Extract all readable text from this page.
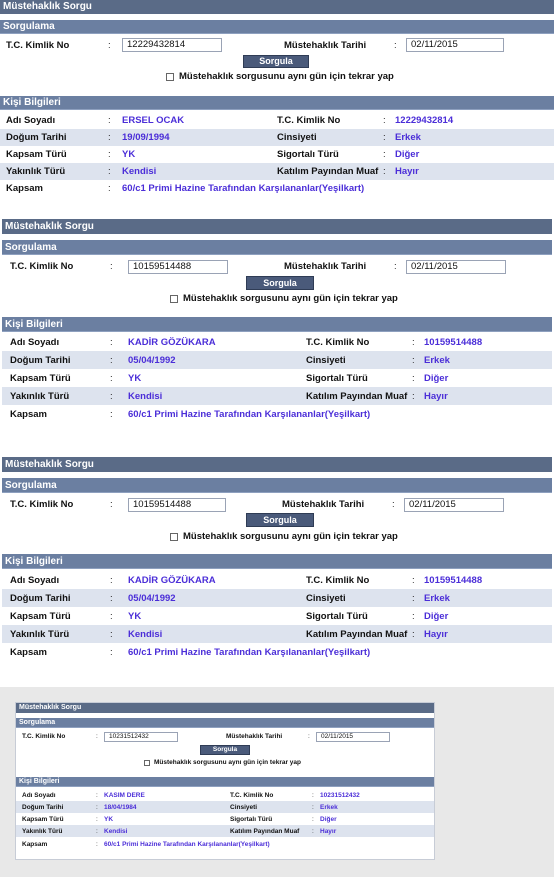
Müstehaklık Sorgu
Sorgulama
T.C. Kimlik No	:	12229432814	Müstehaklık Tarihi	:	02/11/2015
Sorgula
Müstehaklık sorgusunu aynı gün için tekrar yap
Kişi Bilgileri
Adı Soyadı	:	ERSEL OCAK	T.C. Kimlik No	: 12229432814
Doğum Tarihi	:	19/09/1994	Cinsiyeti	: Erkek
Kapsam Türü	:	YK	Sigortalı Türü	: Diğer
Yakınlık Türü	:	Kendisi	Katılım Payından Muaf : Hayır
Kapsam	:	60/c1 Primi Hazine Tarafından Karşılananlar(Yeşilkart)
Müstehaklık Sorgu
Sorgulama
T.C. Kimlik No	:	10159514488	Müstehaklık Tarihi	:	02/11/2015
Sorgula
Müstehaklık sorgusunu aynı gün için tekrar yap
Kişi Bilgileri
Adı Soyadı	:	KADİR GÖZÜKARA	T.C. Kimlik No	: 10159514488
Doğum Tarihi	:	05/04/1992	Cinsiyeti	: Erkek
Kapsam Türü	:	YK	Sigortalı Türü	: Diğer
Yakınlık Türü	:	Kendisi	Katılım Payından Muaf : Hayır
Kapsam	:	60/c1 Primi Hazine Tarafından Karşılananlar(Yeşilkart)
Müstehaklık Sorgu
Sorgulama
T.C. Kimlik No	:	10159514488	Müstehaklık Tarihi	:	02/11/2015
Sorgula
Müstehaklık sorgusunu aynı gün için tekrar yap
Kişi Bilgileri
Adı Soyadı	:	KADİR GÖZÜKARA	T.C. Kimlik No	: 10159514488
Doğum Tarihi	:	05/04/1992	Cinsiyeti	: Erkek
Kapsam Türü	:	YK	Sigortalı Türü	: Diğer
Yakınlık Türü	:	Kendisi	Katılım Payından Muaf : Hayır
Kapsam	:	60/c1 Primi Hazine Tarafından Karşılananlar(Yeşilkart)
Müstehaklık Sorgu
Sorgulama
T.C. Kimlik No	:	10231512432	Müstehaklık Tarihi	:	02/11/2015
Sorgula
Müstehaklık sorgusunu aynı gün için tekrar yap
Kişi Bilgileri
Adı Soyadı	: KASIM DERE	T.C. Kimlik No	: 10231512432
Doğum Tarihi	: 18/04/1984	Cinsiyeti	: Erkek
Kapsam Türü	: YK	Sigortalı Türü	: Diğer
Yakınlık Türü	: Kendisi	Katılım Payından Muaf	: Hayır
Kapsam	: 60/c1 Primi Hazine Tarafından Karşılananlar(Yeşilkart)
